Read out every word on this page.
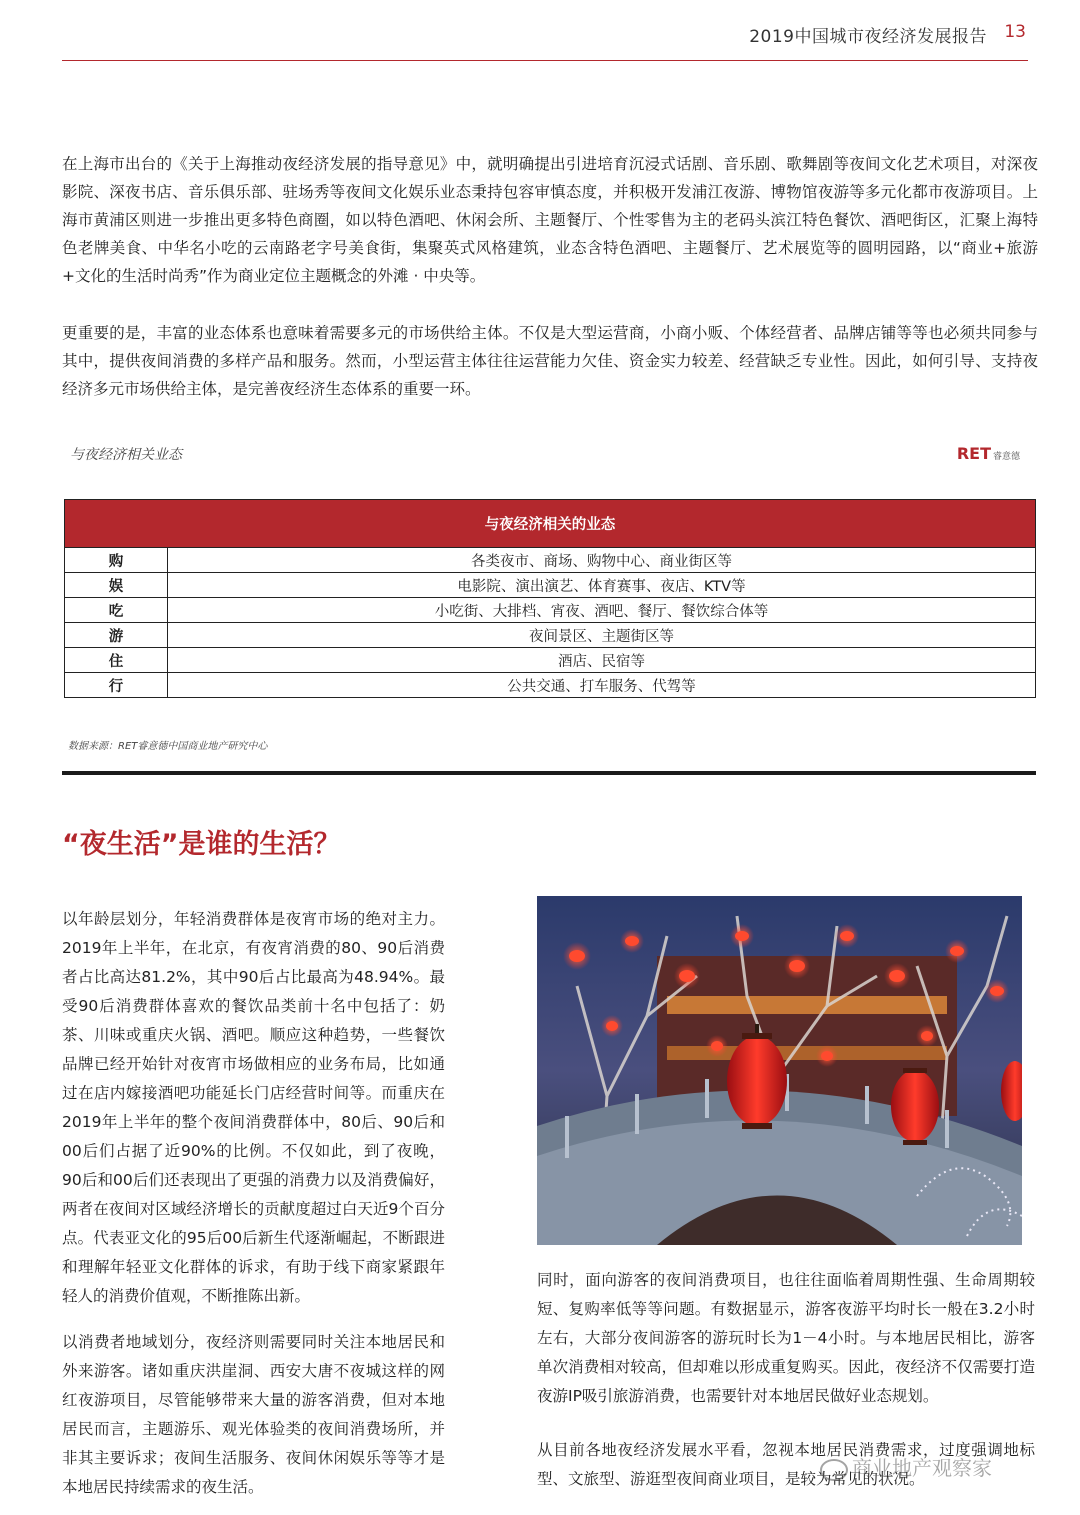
2019中国城市夜经济发展报告 13

在上海市出台的《关于上海推动夜经济发展的指导意见》中，就明确提出引进培育沉浸式话剧、音乐剧、歌舞剧等夜间文化艺术项目，对深夜影院、深夜书店、音乐俱乐部、驻场秀等夜间文化娱乐业态秉持包容审慎态度，并积极开发浦江夜游、博物馆夜游等多元化都市夜游项目。上海市黄浦区则进一步推出更多特色商圈，如以特色酒吧、休闲会所、主题餐厅、个性零售为主的老码头滨江特色餐饮、酒吧街区，汇聚上海特色老牌美食、中华名小吃的云南路老字号美食街，集聚英式风格建筑，业态含特色酒吧、主题餐厅、艺术展览等的圆明园路，以“商业+旅游+文化的生活时尚秀”作为商业定位主题概念的外滩 · 中央等。

更重要的是，丰富的业态体系也意味着需要多元的市场供给主体。不仅是大型运营商，小商小贩、个体经营者、品牌店铺等等也必须共同参与其中，提供夜间消费的多样产品和服务。然而，小型运营主体往往运营能力欠佳、资金实力较差、经营缺乏专业性。因此，如何引导、支持夜经济多元市场供给主体，是完善夜经济生态体系的重要一环。

与夜经济相关业态	RET 睿意德
与夜经济相关的业态	
购	各类夜市、商场、购物中心、商业街区等
娱	电影院、演出演艺、体育赛事、夜店、KTV等
吃	小吃街、大排档、宵夜、酒吧、餐厅、餐饮综合体等
游	夜间景区、主题街区等
住	酒店、民宿等
行	公共交通、打车服务、代驾等
数据来源：RET睿意德中国商业地产研究中心
“夜生活”是谁的生活？

以年龄层划分，年轻消费群体是夜宵市场的绝对主力。2019年上半年，在北京，有夜宵消费的80、90后消费者占比高达81.2%，其中90后占比最高为48.94%。最受90后消费群体喜欢的餐饮品类前十名中包括了：奶茶、川味或重庆火锅、酒吧。顺应这种趋势，一些餐饮品牌已经开始针对夜宵市场做相应的业务布局，比如通过在店内嫁接酒吧功能延长门店经营时间等。而重庆在2019年上半年的整个夜间消费群体中，80后、90后和00后们占据了近90%的比例。不仅如此，到了夜晚，90后和00后们还表现出了更强的消费力以及消费偏好，两者在夜间对区域经济增长的贡献度超过白天近9个百分点。代表亚文化的95后00后新生代逐渐崛起，不断跟进和理解年轻亚文化群体的诉求，有助于线下商家紧跟年轻人的消费价值观，不断推陈出新。

以消费者地域划分，夜经济则需要同时关注本地居民和外来游客。诸如重庆洪崖洞、西安大唐不夜城这样的网红夜游项目，尽管能够带来大量的游客消费，但对本地居民而言，主题游乐、观光体验类的夜间消费场所，并非其主要诉求；夜间生活服务、夜间休闲娱乐等等才是本地居民持续需求的夜生活。

同时，面向游客的夜间消费项目，也往往面临着周期性强、生命周期较短、复购率低等等问题。有数据显示，游客夜游平均时长一般在3.2小时左右，大部分夜间游客的游玩时长为1－4小时。与本地居民相比，游客单次消费相对较高，但却难以形成重复购买。因此，夜经济不仅需要打造夜游IP吸引旅游消费，也需要针对本地居民做好业态规划。

从目前各地夜经济发展水平看，忽视本地居民消费需求，过度强调地标型、文旅型、游逛型夜间商业项目，是较为常见的状况。

商业地产观察家
